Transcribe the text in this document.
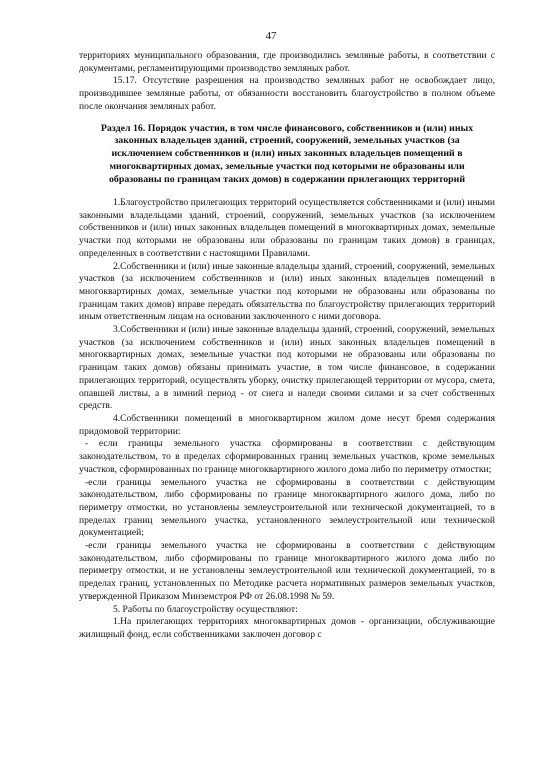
47

территориях муниципального образования, где производились земляные работы, в соответствии с документами, регламентирующими производство земляных работ.

15.17. Отсутствие разрешения на производство земляных работ не освобождает лицо, производившее земляные работы, от обязанности восстановить благоустройство в полном объеме после окончания земляных работ.

Раздел 16. Порядок участия, в том числе финансового, собственников и (или) иных законных владельцев зданий, строений, сооружений, земельных участков (за исключением собственников и (или) иных законных владельцев помещений в многоквартирных домах, земельные участки под которыми не образованы или образованы по границам таких домов) в содержании прилегающих территорий

1.Благоустройство прилегающих территорий осуществляется собственниками и (или) иными законными владельцами зданий, строений, сооружений, земельных участков (за исключением собственников и (или) иных законных владельцев помещений в многоквартирных домах, земельные участки под которыми не образованы или образованы по границам таких домов) в границах, определенных в соответствии с настоящими Правилами.

2.Собственники и (или) иные законные владельцы зданий, строений, сооружений, земельных участков (за исключением собственников и (или) иных законных владельцев помещений в многоквартирных домах, земельные участки под которыми не образованы или образованы по границам таких домов) вправе передать обязательства по благоустройству прилегающих территорий иным ответственным лицам на основании заключенного с ними договора.

3.Собственники и (или) иные законные владельцы зданий, строений, сооружений, земельных участков (за исключением собственников и (или) иных законных владельцев помещений в многоквартирных домах, земельные участки под которыми не образованы или образованы по границам таких домов) обязаны принимать участие, в том числе финансовое, в содержании прилегающих территорий, осуществлять уборку, очистку прилегающей территории от мусора, смета, опавшей листвы, а в зимний период - от снега и наледи своими силами и за счет собственных средств.

4.Собственники помещений в многоквартирном жилом доме несут бремя содержания придомовой территории:

- если границы земельного участка сформированы в соответствии с действующим законодательством, то в пределах сформированных границ земельных участков, кроме земельных участков, сформированных по границе многоквартирного жилого дома либо по периметру отмостки;

-если границы земельного участка не сформированы в соответствии с действующим законодательством, либо сформированы по границе многоквартирного жилого дома, либо по периметру отмостки, но установлены землеустроительной или технической документацией, то в пределах границ земельного участка, установленного землеустроительной или технической документацией;

-если границы земельного участка не сформированы в соответствии с действующим законодательством, либо сформированы по границе многоквартирного жилого дома либо по периметру отмостки, и не установлены землеустроительной или технической документацией, то в пределах границ, установленных по Методике расчета нормативных размеров земельных участков, утвержденной Приказом Минземстроя РФ от 26.08.1998 № 59.

5. Работы по благоустройству осуществляют:

1.На прилегающих территориях многоквартирных домов - организации, обслуживающие жилищный фонд, если собственниками заключен договор с
